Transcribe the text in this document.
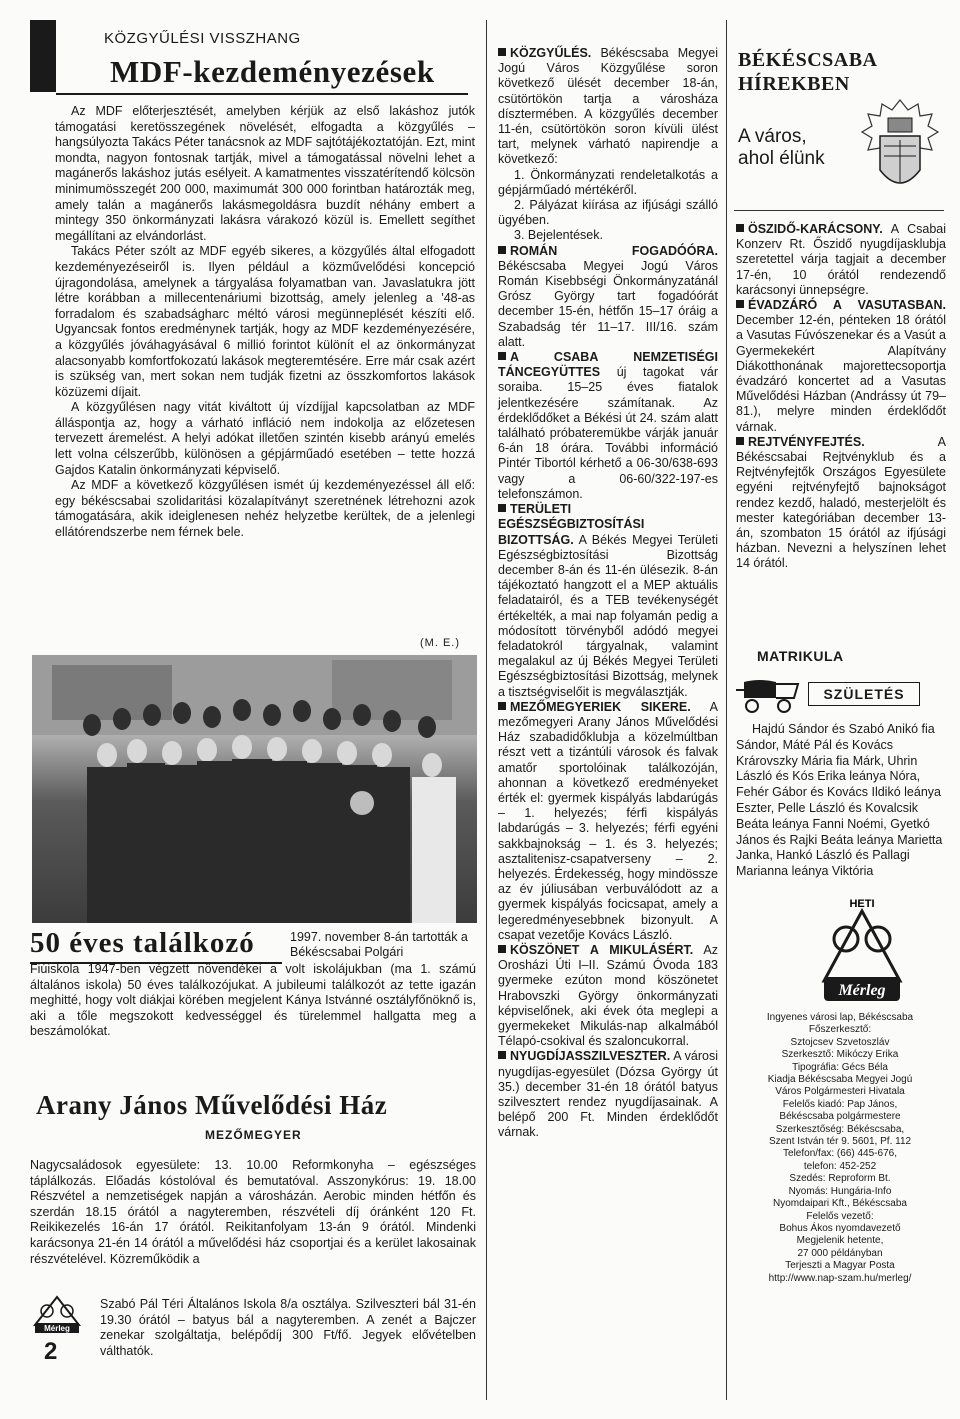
KÖZGYŰLÉSI VISSZHANG
MDF-kezdeményezések

Az MDF előterjesztését, amelyben kérjük az első lakáshoz jutók támogatási keretösszegének növelését, elfogadta a közgyűlés – hangsúlyozta Takács Péter tanácsnok az MDF sajtótájékoztatóján. Ezt, mint mondta, nagyon fontosnak tartják, mivel a támogatással növelni lehet a magánerős lakáshoz jutás esélyeit. A kamatmentes visszatérítendő kölcsön minimumösszegét 200 000, maximumát 300 000 forintban határozták meg, amely talán a magánerős lakásmegoldásra buzdít néhány embert a mintegy 350 önkormányzati lakásra várakozó közül is. Emellett segíthet megállítani az elvándorlást.

Takács Péter szólt az MDF egyéb sikeres, a közgyűlés által elfogadott kezdeményezéseiről is. Ilyen például a közművelődési koncepció újragondolása, amelynek a tárgyalása folyamatban van. Javaslatukra jött létre korábban a millecentenáriumi bizottság, amely jelenleg a '48-as forradalom és szabadságharc méltó városi megünneplését készíti elő. Ugyancsak fontos eredménynek tartják, hogy az MDF kezdeményezésére, a közgyűlés jóváhagyásával 6 millió forintot különít el az önkormányzat alacsonyabb komfortfokozatú lakások megteremtésére. Erre már csak azért is szükség van, mert sokan nem tudják fizetni az összkomfortos lakások közüzemi díjait.

A közgyűlésen nagy vitát kiváltott új vízdíjjal kapcsolatban az MDF álláspontja az, hogy a várható infláció nem indokolja az előzetesen tervezett áremelést. A helyi adókat illetően szintén kisebb arányú emelés lett volna célszerűbb, különösen a gépjárműadó esetében – tette hozzá Gajdos Katalin önkormányzati képviselő.

Az MDF a következő közgyűlésen ismét új kezdeményezéssel áll elő: egy békéscsabai szolidaritási közalapítványt szeretnének létrehozni azok támogatására, akik ideiglenesen nehéz helyzetbe kerültek, de a jelenlegi ellátórendszerbe nem férnek bele.

(M. E.)
50 éves találkozó	1997. november 8-án tartották a Békéscsabai Polgári
Fiúiskola 1947-ben végzett növendékei a volt iskolájukban (ma 1. számú általános iskola) 50 éves találkozójukat. A jubileumi találkozót az tette igazán meghitté, hogy volt diákjai körében megjelent Kánya Istvánné osztályfőnöknő is, aki a tőle megszokott kedvességgel és türelemmel hallgatta meg a beszámolókat.
Arany János Művelődési Ház
MEZŐMEGYER
Nagycsaládosok egyesülete: 13. 10.00 Reformkonyha – egészséges táplálkozás. Előadás kóstolóval és bemutatóval. Asszonykórus: 19. 18.00 Részvétel a nemzetiségek napján a városházán. Aerobic minden hétfőn és szerdán 18.15 órától a nagyteremben, részvételi díj óránként 120 Ft. Reikikezelés 16-án 17 órától. Reikitanfolyam 13-án 9 órától. Mindenki karácsonya 21-én 14 órától a művelődési ház csoportjai és a kerület lakosainak részvételével. Közreműködik a
Szabó Pál Téri Általános Iskola 8/a osztálya. Szilveszteri bál 31-én 19.30 órától – batyus bál a nagyteremben. A zenét a Bajczer zenekar szolgáltatja, belépődíj 300 Ft/fő. Jegyek elővételben válthatók.
Mérleg
2

KÖZGYŰLÉS. Békéscsaba Megyei Jogú Város Közgyűlése soron következő ülését december 18-án, csütörtökön tartja a városháza dísztermében. A közgyűlés december 11-én, csütörtökön soron kívüli ülést tart, melynek várható napirendje a következő:

1. Önkormányzati rendeletalkotás a gépjárműadó mértékéről.

2. Pályázat kiírása az ifjúsági szálló ügyében.

3. Bejelentések.

ROMÁN FOGADÓÓRA. Békéscsaba Megyei Jogú Város Román Kisebbségi Önkormányzatánál Grósz György tart fogadóórát december 15-én, hétfőn 15–17 óráig a Szabadság tér 11–17. III/16. szám alatt.

A CSABA NEMZETISÉGI TÁNCEGYÜTTES új tagokat vár soraiba. 15–25 éves fiatalok jelentkezésére számítanak. Az érdeklődőket a Békési út 24. szám alatt található próbateremükbe várják január 6-án 18 órára. További információ Pintér Tibortól kérhető a 06-30/638-693 vagy a 06-60/322-197-es telefonszámon.

TERÜLETI EGÉSZSÉGBIZTOSÍTÁSI BIZOTTSÁG. A Békés Megyei Területi Egészségbiztosítási Bizottság december 8-án és 11-én ülésezik. 8-án tájékoztató hangzott el a MEP aktuális feladatairól, és a TEB tevékenységét értékelték, a mai nap folyamán pedig a módosított törvényből adódó megyei feladatokról tárgyalnak, valamint megalakul az új Békés Megyei Területi Egészségbiztosítási Bizottság, melynek a tisztségviselőit is megválasztják.

MEZŐMEGYERIEK SIKERE. A mezőmegyeri Arany János Művelődési Ház szabadidőklubja a közelmúltban részt vett a tizántúli városok és falvak amatőr sportolóinak találkozóján, ahonnan a következő eredményeket érték el: gyermek kispályás labdarúgás – 1. helyezés; férfi kispályás labdarúgás – 3. helyezés; férfi egyéni sakkbajnokság – 1. és 3. helyezés; asztalitenisz-csapatverseny – 2. helyezés. Érdekesség, hogy mindössze az év júliusában verbuválódott az a gyermek kispályás focicsapat, amely a legeredményesebbnek bizonyult. A csapat vezetője Kovács László.

KÖSZÖNET A MIKULÁSÉRT. Az Orosházi Úti I–II. Számú Óvoda 183 gyermeke ezúton mond köszönetet Hrabovszki György önkormányzati képviselőnek, aki évek óta meglepi a gyermekeket Mikulás-nap alkalmából Télapó-csokival és szaloncukorral.

NYUGDÍJASSZILVESZTER. A városi nyugdíjas-egyesület (Dózsa György út 35.) december 31-én 18 órától batyus szilvesztert rendez nyugdíjasainak. A belépő 200 Ft. Minden érdeklődőt várnak.

BÉKÉSCSABA
HÍREKBEN
A város,
ahol élünk

ÖSZIDŐ-KARÁCSONY. A Csabai Konzerv Rt. Őszidő nyugdíjasklubja szeretettel várja tagjait a december 17-én, 10 órától rendezendő karácsonyi ünnepségre.

ÉVADZÁRÓ A VASUTASBAN. December 12-én, pénteken 18 órától a Vasutas Fúvószenekar és a Vasút a Gyermekekért Alapítvány Diákotthonának majorettecsoportja évadzáró koncertet ad a Vasutas Művelődési Házban (Andrássy út 79–81.), melyre minden érdeklődőt várnak.

REJTVÉNYFEJTÉS.	A Békéscsabai Rejtvényklub és a Rejtvényfejtők Országos Egyesülete egyéni rejtvényfejtő bajnokságot rendez kezdő, haladó, mesterjelölt és mester kategóriában december 13-án, szombaton 15 órától az ifjúsági házban. Nevezni a helyszínen lehet 14 órától.

MATRIKULA
SZÜLETÉS
Hajdú Sándor és Szabó Anikó fia Sándor, Máté Pál és Kovács Krárovszky Mária fia Márk, Uhrin László és Kós Erika leánya Nóra, Fehér Gábor és Kovács Ildikó leánya Eszter, Pelle László és Kovalcsik Beáta leánya Fanni Noémi, Gyetkó János és Rajki Beáta leánya Marietta Janka, Hankó László és Pallagi Marianna leánya Viktória
HETI
Mérleg
Ingyenes városi lap, Békéscsaba
Főszerkesztő:
Sztojcsev Szvetoszláv
Szerkesztő: Mikóczy Erika
Tipográfia: Gécs Béla
Kiadja Békéscsaba Megyei Jogú
Város Polgármesteri Hivatala
Felelős kiadó: Pap János,
Békéscsaba polgármestere
Szerkesztőség: Békéscsaba,
Szent István tér 9. 5601, Pf. 112
Telefon/fax: (66) 445-676,
telefon: 452-252
Szedés: Reproform Bt.
Nyomás: Hungária-Info
Nyomdaipari Kft., Békéscsaba
Felelős vezető:
Bohus Ákos nyomdavezető
Megjelenik hetente,
27 000 példányban
Terjeszti a Magyar Posta
http://www.nap-szam.hu/merleg/
